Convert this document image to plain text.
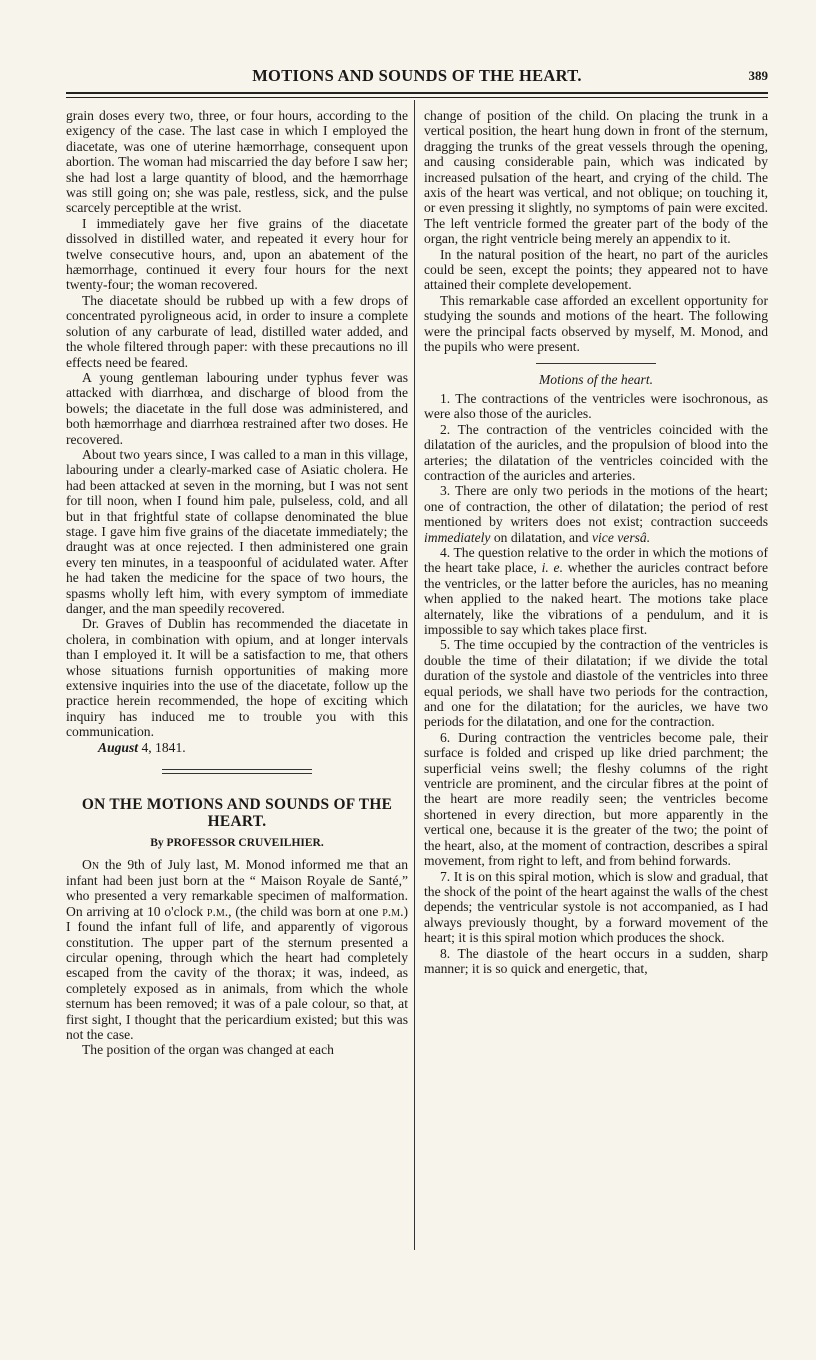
MOTIONS AND SOUNDS OF THE HEART.	389

grain doses every two, three, or four hours, according to the exigency of the case. The last case in which I employed the diacetate, was one of uterine hæmorrhage, consequent upon abortion. The woman had miscarried the day before I saw her; she had lost a large quantity of blood, and the hæmorrhage was still going on; she was pale, restless, sick, and the pulse scarcely perceptible at the wrist.

I immediately gave her five grains of the diacetate dissolved in distilled water, and repeated it every hour for twelve consecutive hours, and, upon an abatement of the hæmorrhage, continued it every four hours for the next twenty-four; the woman recovered.

The diacetate should be rubbed up with a few drops of concentrated pyroligneous acid, in order to insure a complete solution of any carburate of lead, distilled water added, and the whole filtered through paper: with these precautions no ill effects need be feared.

A young gentleman labouring under typhus fever was attacked with diarrhœa, and discharge of blood from the bowels; the diacetate in the full dose was administered, and both hæmorrhage and diarrhœa restrained after two doses. He recovered.

About two years since, I was called to a man in this village, labouring under a clearly-marked case of Asiatic cholera. He had been attacked at seven in the morning, but I was not sent for till noon, when I found him pale, pulseless, cold, and all but in that frightful state of collapse denominated the blue stage. I gave him five grains of the diacetate immediately; the draught was at once rejected. I then administered one grain every ten minutes, in a teaspoonful of acidulated water. After he had taken the medicine for the space of two hours, the spasms wholly left him, with every symptom of immediate danger, and the man speedily recovered.

Dr. Graves of Dublin has recommended the diacetate in cholera, in combination with opium, and at longer intervals than I employed it. It will be a satisfaction to me, that others whose situations furnish opportunities of making more extensive inquiries into the use of the diacetate, follow up the practice herein recommended, the hope of exciting which inquiry has induced me to trouble you with this communication.

August 4, 1841.

ON THE MOTIONS AND SOUNDS OF THE HEART.
By PROFESSOR CRUVEILHIER.

On the 9th of July last, M. Monod informed me that an infant had been just born at the “ Maison Royale de Santé,” who presented a very remarkable specimen of malformation. On arriving at 10 o'clock p.m., (the child was born at one p.m.) I found the infant full of life, and apparently of vigorous constitution. The upper part of the sternum presented a circular opening, through which the heart had completely escaped from the cavity of the thorax; it was, indeed, as completely exposed as in animals, from which the whole sternum has been removed; it was of a pale colour, so that, at first sight, I thought that the pericardium existed; but this was not the case.

The position of the organ was changed at each

change of position of the child. On placing the trunk in a vertical position, the heart hung down in front of the sternum, dragging the trunks of the great vessels through the opening, and causing considerable pain, which was indicated by increased pulsation of the heart, and crying of the child. The axis of the heart was vertical, and not oblique; on touching it, or even pressing it slightly, no symptoms of pain were excited. The left ventricle formed the greater part of the body of the organ, the right ventricle being merely an appendix to it.

In the natural position of the heart, no part of the auricles could be seen, except the points; they appeared not to have attained their complete developement.

This remarkable case afforded an excellent opportunity for studying the sounds and motions of the heart. The following were the principal facts observed by myself, M. Monod, and the pupils who were present.

Motions of the heart.

1. The contractions of the ventricles were isochronous, as were also those of the auricles.

2. The contraction of the ventricles coincided with the dilatation of the auricles, and the propulsion of blood into the arteries; the dilatation of the ventricles coincided with the contraction of the auricles and arteries.

3. There are only two periods in the motions of the heart; one of contraction, the other of dilatation; the period of rest mentioned by writers does not exist; contraction succeeds immediately on dilatation, and vice versâ.

4. The question relative to the order in which the motions of the heart take place, i. e. whether the auricles contract before the ventricles, or the latter before the auricles, has no meaning when applied to the naked heart. The motions take place alternately, like the vibrations of a pendulum, and it is impossible to say which takes place first.

5. The time occupied by the contraction of the ventricles is double the time of their dilatation; if we divide the total duration of the systole and diastole of the ventricles into three equal periods, we shall have two periods for the contraction, and one for the dilatation; for the auricles, we have two periods for the dilatation, and one for the contraction.

6. During contraction the ventricles become pale, their surface is folded and crisped up like dried parchment; the superficial veins swell; the fleshy columns of the right ventricle are prominent, and the circular fibres at the point of the heart are more readily seen; the ventricles become shortened in every direction, but more apparently in the vertical one, because it is the greater of the two; the point of the heart, also, at the moment of contraction, describes a spiral movement, from right to left, and from behind forwards.

7. It is on this spiral motion, which is slow and gradual, that the shock of the point of the heart against the walls of the chest depends; the ventricular systole is not accompanied, as I had always previously thought, by a forward movement of the heart; it is this spiral motion which produces the shock.

8. The diastole of the heart occurs in a sudden, sharp manner; it is so quick and energetic, that,
